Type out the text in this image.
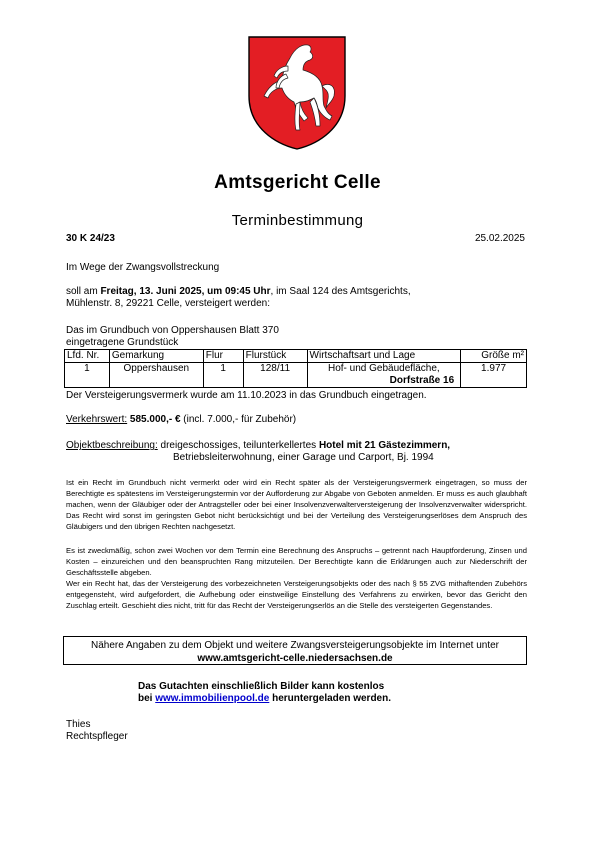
Amtsgericht Celle
Terminbestimmung
30 K 24/23	25.02.2025
Im Wege der Zwangsvollstreckung
soll am Freitag, 13. Juni 2025, um 09:45 Uhr, im Saal 124 des Amtsgerichts,
Mühlenstr. 8, 29221 Celle, versteigert werden:
Das im Grundbuch von Oppershausen Blatt 370
eingetragene Grundstück
Lfd. Nr.	Gemarkung	Flur	Flurstück	Wirtschaftsart und Lage	Größe m²
1	Oppershausen	1	128/11	Hof- und Gebäudefläche,
Dorfstraße 16	1.977
Der Versteigerungsvermerk wurde am 11.10.2023 in das Grundbuch eingetragen.
Verkehrswert: 585.000,- € (incl. 7.000,- für Zubehör)
Objektbeschreibung: dreigeschossiges, teilunterkellertes Hotel mit 21 Gästezimmern,
Betriebsleiterwohnung, einer Garage und Carport, Bj. 1994
Ist ein Recht im Grundbuch nicht vermerkt oder wird ein Recht später als der Versteigerungsvermerk eingetragen, so muss der Berechtigte es spätestens im Versteigerungstermin vor der Aufforderung zur Abgabe von Geboten anmelden. Er muss es auch glaubhaft machen, wenn der Gläubiger oder der Antragsteller oder bei einer Insolvenzverwalterversteigerung der Insolvenzverwalter widerspricht. Das Recht wird sonst im geringsten Gebot nicht berücksichtigt und bei der Verteilung des Versteigerungserlöses dem Anspruch des Gläubigers und den übrigen Rechten nachgesetzt.
Es ist zweckmäßig, schon zwei Wochen vor dem Termin eine Berechnung des Anspruchs – getrennt nach Hauptforderung, Zinsen und Kosten – einzureichen und den beanspruchten Rang mitzuteilen. Der Berechtigte kann die Erklärungen auch zur Niederschrift der Geschäftsstelle abgeben.
Wer ein Recht hat, das der Versteigerung des vorbezeichneten Versteigerungsobjekts oder des nach § 55 ZVG mithaftenden Zubehörs entgegensteht, wird aufgefordert, die Aufhebung oder einstweilige Einstellung des Verfahrens zu erwirken, bevor das Gericht den Zuschlag erteilt. Geschieht dies nicht, tritt für das Recht der Versteigerungserlös an die Stelle des versteigerten Gegenstandes.
Nähere Angaben zu dem Objekt und weitere Zwangsversteigerungsobjekte im Internet unter
www.amtsgericht-celle.niedersachsen.de
Das Gutachten einschließlich Bilder kann kostenlos
bei www.immobilienpool.de heruntergeladen werden.
Thies
Rechtspfleger
